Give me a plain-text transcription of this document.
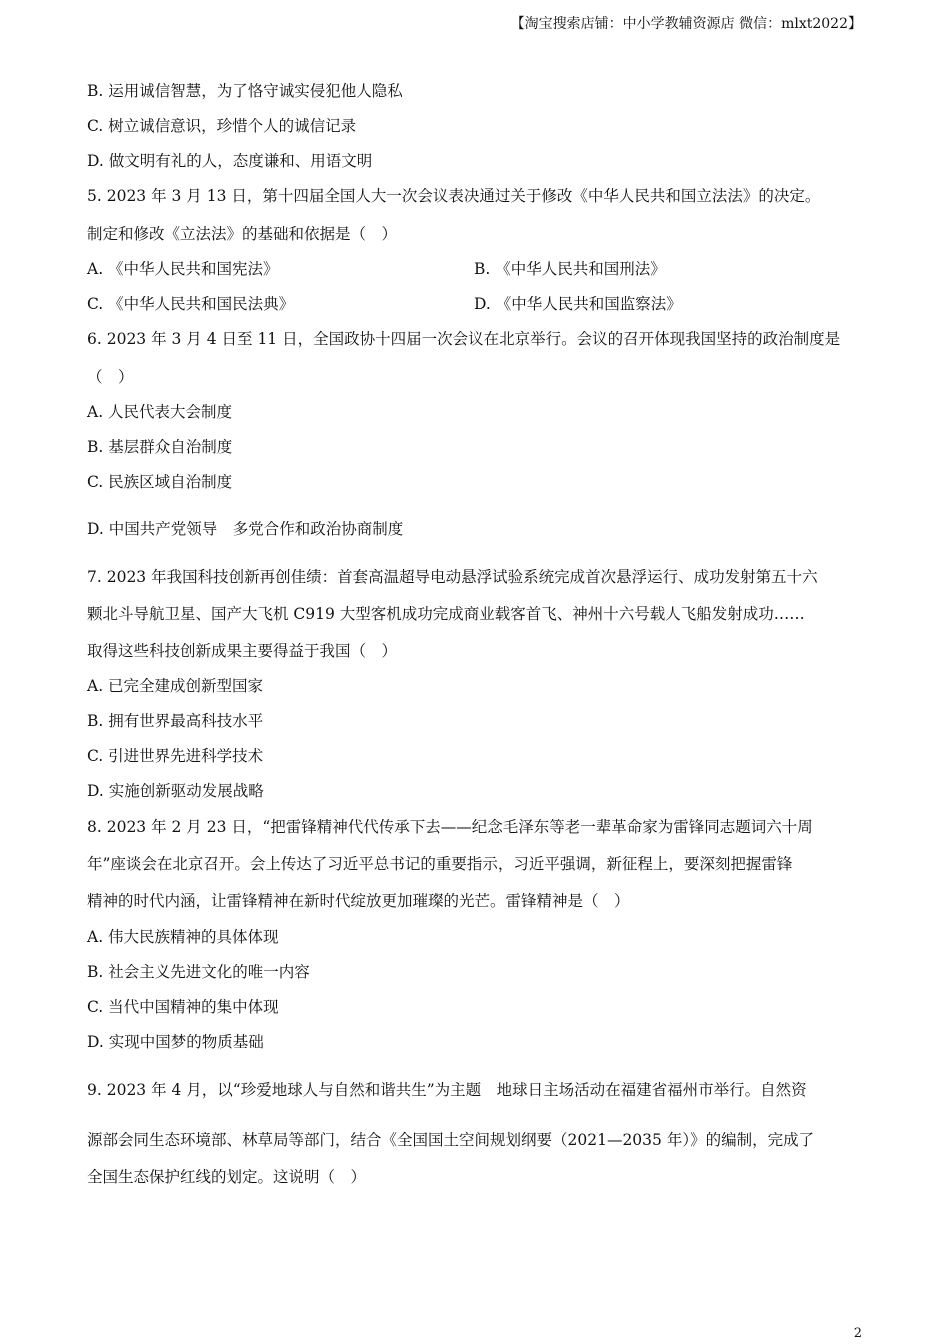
【淘宝搜索店铺：中小学教辅资源店 微信：mlxt2022】
B. 运用诚信智慧，为了恪守诚实侵犯他人隐私
C. 树立诚信意识，珍惜个人的诚信记录
D. 做文明有礼的人，态度谦和、用语文明
5. 2023 年 3 月 13 日，第十四届全国人大一次会议表决通过关于修改《中华人民共和国立法法》的决定。
制定和修改《立法法》的基础和依据是（　）
A. 《中华人民共和国宪法》	B. 《中华人民共和国刑法》
C. 《中华人民共和国民法典》	D. 《中华人民共和国监察法》
6. 2023 年 3 月 4 日至 11 日，全国政协十四届一次会议在北京举行。会议的召开体现我国坚持的政治制度是
（　）
A. 人民代表大会制度
B. 基层群众自治制度
C. 民族区域自治制度
D. 中国共产党领导　多党合作和政治协商制度
7. 2023 年我国科技创新再创佳绩：首套高温超导电动悬浮试验系统完成首次悬浮运行、成功发射第五十六
颗北斗导航卫星、国产大飞机 C919 大型客机成功完成商业载客首飞、神州十六号载人飞船发射成功……
取得这些科技创新成果主要得益于我国（　）
A. 已完全建成创新型国家
B. 拥有世界最高科技水平
C. 引进世界先进科学技术
D. 实施创新驱动发展战略
8. 2023 年 2 月 23 日，“把雷锋精神代代传承下去——纪念毛泽东等老一辈革命家为雷锋同志题词六十周
年”座谈会在北京召开。会上传达了习近平总书记的重要指示，习近平强调，新征程上，要深刻把握雷锋
精神的时代内涵，让雷锋精神在新时代绽放更加璀璨的光芒。雷锋精神是（　）
A. 伟大民族精神的具体体现
B. 社会主义先进文化的唯一内容
C. 当代中国精神的集中体现
D. 实现中国梦的物质基础
9. 2023 年 4 月，以“珍爱地球人与自然和谐共生”为主题　地球日主场活动在福建省福州市举行。自然资
源部会同生态环境部、林草局等部门，结合《全国国土空间规划纲要（2021—2035 年）》的编制，完成了
全国生态保护红线的划定。这说明（　）
2
